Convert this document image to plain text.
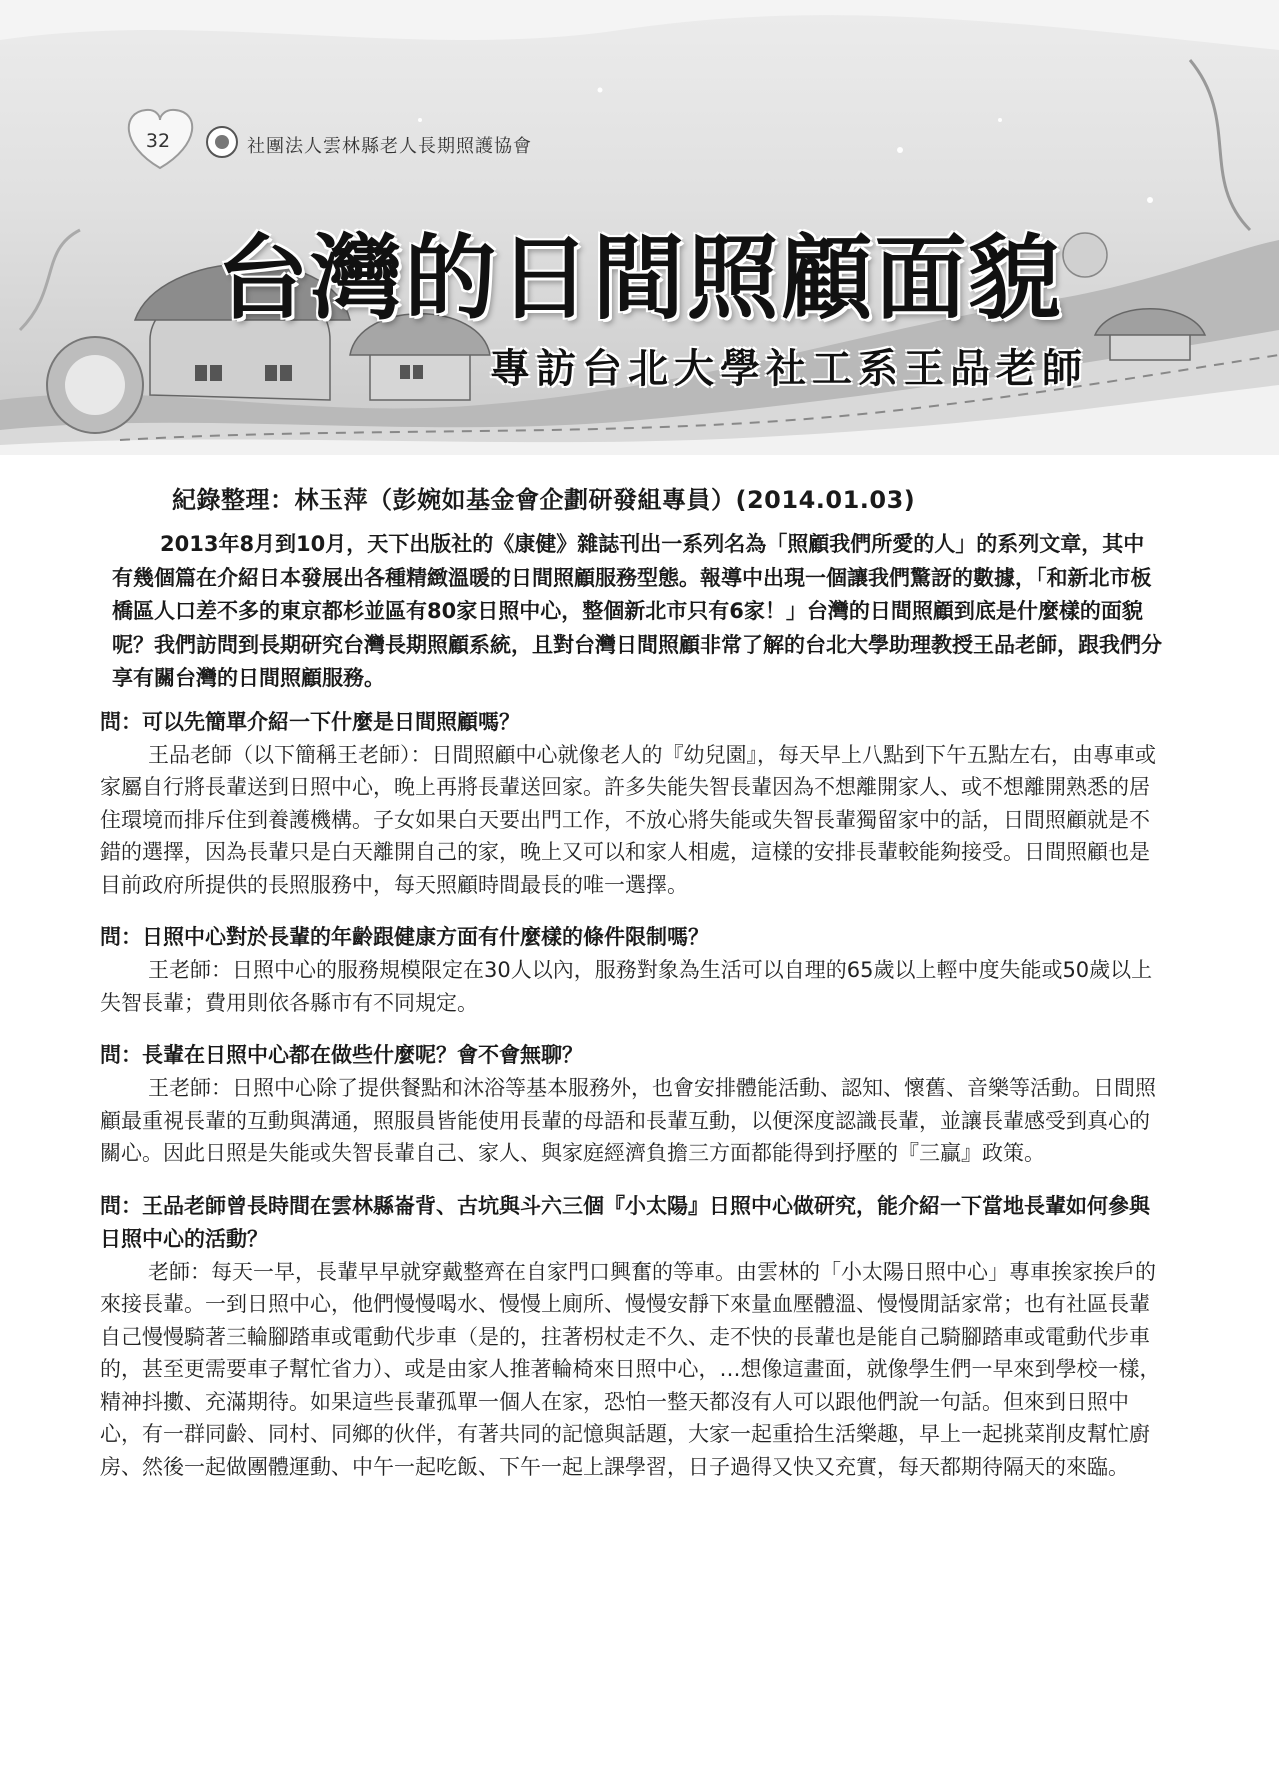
32	社團法人雲林縣老人長期照護協會
台灣的日間照顧面貌
專訪台北大學社工系王品老師
紀錄整理：林玉萍（彭婉如基金會企劃研發組專員）(2014.01.03)

2013年8月到10月，天下出版社的《康健》雜誌刊出一系列名為「照顧我們所愛的人」的系列文章，其中有幾個篇在介紹日本發展出各種精緻溫暖的日間照顧服務型態。報導中出現一個讓我們驚訝的數據，「和新北市板橋區人口差不多的東京都杉並區有80家日照中心，整個新北市只有6家！」台灣的日間照顧到底是什麼樣的面貌呢？我們訪問到長期研究台灣長期照顧系統，且對台灣日間照顧非常了解的台北大學助理教授王品老師，跟我們分享有關台灣的日間照顧服務。

問：可以先簡單介紹一下什麼是日間照顧嗎？

王品老師（以下簡稱王老師）：日間照顧中心就像老人的『幼兒園』，每天早上八點到下午五點左右，由專車或家屬自行將長輩送到日照中心，晚上再將長輩送回家。許多失能失智長輩因為不想離開家人、或不想離開熟悉的居住環境而排斥住到養護機構。子女如果白天要出門工作，不放心將失能或失智長輩獨留家中的話，日間照顧就是不錯的選擇，因為長輩只是白天離開自己的家，晚上又可以和家人相處，這樣的安排長輩較能夠接受。日間照顧也是目前政府所提供的長照服務中，每天照顧時間最長的唯一選擇。

問：日照中心對於長輩的年齡跟健康方面有什麼樣的條件限制嗎？

王老師：日照中心的服務規模限定在30人以內，服務對象為生活可以自理的65歲以上輕中度失能或50歲以上失智長輩；費用則依各縣市有不同規定。

問：長輩在日照中心都在做些什麼呢？會不會無聊？

王老師：日照中心除了提供餐點和沐浴等基本服務外，也會安排體能活動、認知、懷舊、音樂等活動。日間照顧最重視長輩的互動與溝通，照服員皆能使用長輩的母語和長輩互動，以便深度認識長輩，並讓長輩感受到真心的關心。因此日照是失能或失智長輩自己、家人、與家庭經濟負擔三方面都能得到抒壓的『三贏』政策。

問：王品老師曾長時間在雲林縣崙背、古坑與斗六三個『小太陽』日照中心做研究，能介紹一下當地長輩如何參與日照中心的活動？

老師：每天一早，長輩早早就穿戴整齊在自家門口興奮的等車。由雲林的「小太陽日照中心」專車挨家挨戶的來接長輩。一到日照中心，他們慢慢喝水、慢慢上廁所、慢慢安靜下來量血壓體溫、慢慢閒話家常；也有社區長輩自己慢慢騎著三輪腳踏車或電動代步車（是的，拄著枴杖走不久、走不快的長輩也是能自己騎腳踏車或電動代步車的，甚至更需要車子幫忙省力）、或是由家人推著輪椅來日照中心，…想像這畫面，就像學生們一早來到學校一樣，精神抖擻、充滿期待。如果這些長輩孤單一個人在家，恐怕一整天都沒有人可以跟他們說一句話。但來到日照中心，有一群同齡、同村、同鄉的伙伴，有著共同的記憶與話題，大家一起重拾生活樂趣，早上一起挑菜削皮幫忙廚房、然後一起做團體運動、中午一起吃飯、下午一起上課學習，日子過得又快又充實，每天都期待隔天的來臨。
